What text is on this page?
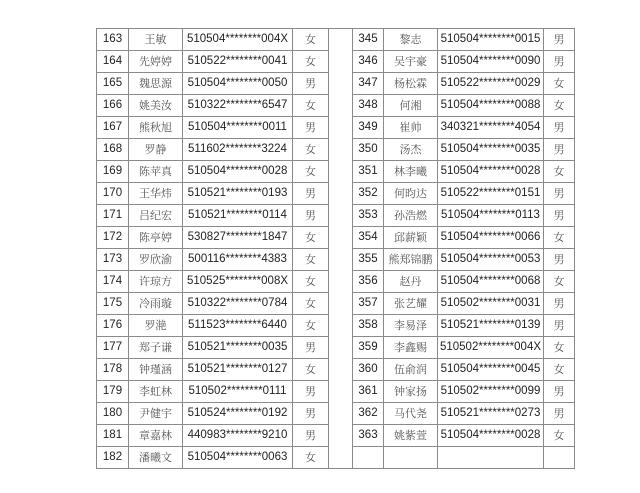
163	王敏	510504********004X	女		345	黎志	510504********0015	男
164	先婷婷	510522********0041	女		346	吴宇豪	510504********0090	男
165	魏思源	510504********0050	男		347	杨松霖	510522********0029	女
166	姚美汝	510322********6547	女		348	何湘	510504********0088	女
167	熊秋旭	510504********0011	男		349	崔帅	340321********4054	男
168	罗静	511602********3224	女		350	汤杰	510504********0035	男
169	陈苹真	510504********0028	女		351	林李曦	510504********0028	女
170	王华炜	510521********0193	男		352	何昀达	510522********0151	男
171	吕纪宏	510521********0114	男		353	孙浩燃	510504********0113	男
172	陈亭婷	530827********1847	女		354	邱薪颖	510504********0066	女
173	罗欣渝	500116********4383	女		355	熊郑锦鹏	510504********0053	男
174	许琼方	510525********008X	女		356	赵丹	510504********0068	女
175	冷雨璇	510322********0784	女		357	张艺耀	510502********0031	男
176	罗滟	511523********6440	女		358	李易泽	510521********0139	男
177	郑子谦	510521********0035	男		359	李鑫赐	510502********004X	女
178	钟瑾涵	510521********0127	女		360	伍俞润	510504********0045	女
179	李虹林	510502********0111	男		361	钟家扬	510502********0099	男
180	尹健宇	510524********0192	男		362	马代尧	510521********0273	男
181	章嘉林	440983********9210	男		363	姚紫萱	510504********0028	女
182	潘曦文	510504********0063	女					
